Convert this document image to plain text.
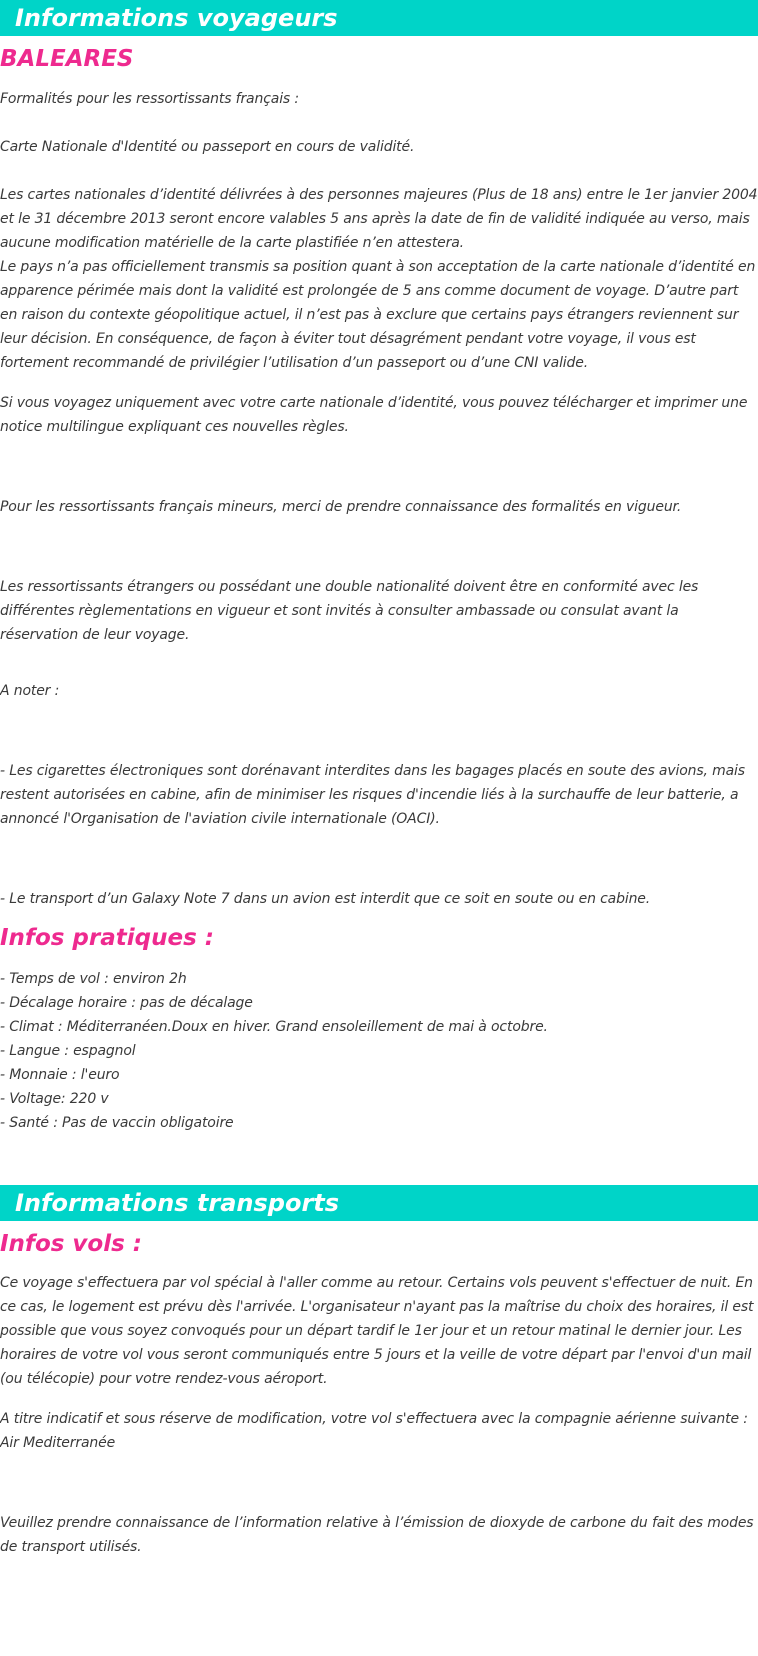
Informations voyageurs
BALEARES

Formalités pour les ressortissants français :

Carte Nationale d'Identité ou passeport en cours de validité.

Les cartes nationales d’identité délivrées à des personnes majeures (Plus de 18 ans) entre le 1er janvier 2004 et le 31 décembre 2013 seront encore valables 5 ans après la date de fin de validité indiquée au verso, mais aucune modification matérielle de la carte plastifiée n’en attestera.

Le pays n’a pas officiellement transmis sa position quant à son acceptation de la carte nationale d’identité en apparence périmée mais dont la validité est prolongée de 5 ans comme document de voyage. D’autre part en raison du contexte géopolitique actuel, il n’est pas à exclure que certains pays étrangers reviennent sur leur décision. En conséquence, de façon à éviter tout désagrément pendant votre voyage, il vous est fortement recommandé de privilégier l’utilisation d’un passeport ou d’une CNI valide.

Si vous voyagez uniquement avec votre carte nationale d’identité, vous pouvez télécharger et imprimer une notice multilingue expliquant ces nouvelles règles.

Pour les ressortissants français mineurs, merci de prendre connaissance des formalités en vigueur.

Les ressortissants étrangers ou possédant une double nationalité doivent être en conformité avec les différentes règlementations en vigueur et sont invités à consulter ambassade ou consulat avant la réservation de leur voyage.

A noter :

- Les cigarettes électroniques sont dorénavant interdites dans les bagages placés en soute des avions, mais restent autorisées en cabine, afin de minimiser les risques d'incendie liés à la surchauffe de leur batterie, a annoncé l'Organisation de l'aviation civile internationale (OACI).

- Le transport d’un Galaxy Note 7 dans un avion est interdit que ce soit en soute ou en cabine.

Infos pratiques :
- Temps de vol : environ 2h
- Décalage horaire : pas de décalage
- Climat : Méditerranéen.Doux en hiver. Grand ensoleillement de mai à octobre.
- Langue : espagnol
- Monnaie : l'euro
- Voltage: 220 v
- Santé : Pas de vaccin obligatoire
Informations transports
Infos vols :

Ce voyage s'effectuera par vol spécial à l'aller comme au retour. Certains vols peuvent s'effectuer de nuit. En ce cas, le logement est prévu dès l'arrivée. L'organisateur n'ayant pas la maîtrise du choix des horaires, il est possible que vous soyez convoqués pour un départ tardif le 1er jour et un retour matinal le dernier jour. Les horaires de votre vol vous seront communiqués entre 5 jours et la veille de votre départ par l'envoi d'un mail (ou télécopie) pour votre rendez-vous aéroport.

A titre indicatif et sous réserve de modification, votre vol s'effectuera avec la compagnie aérienne suivante : Air Mediterranée

Veuillez prendre connaissance de l’information relative à l’émission de dioxyde de carbone du fait des modes de transport utilisés.
